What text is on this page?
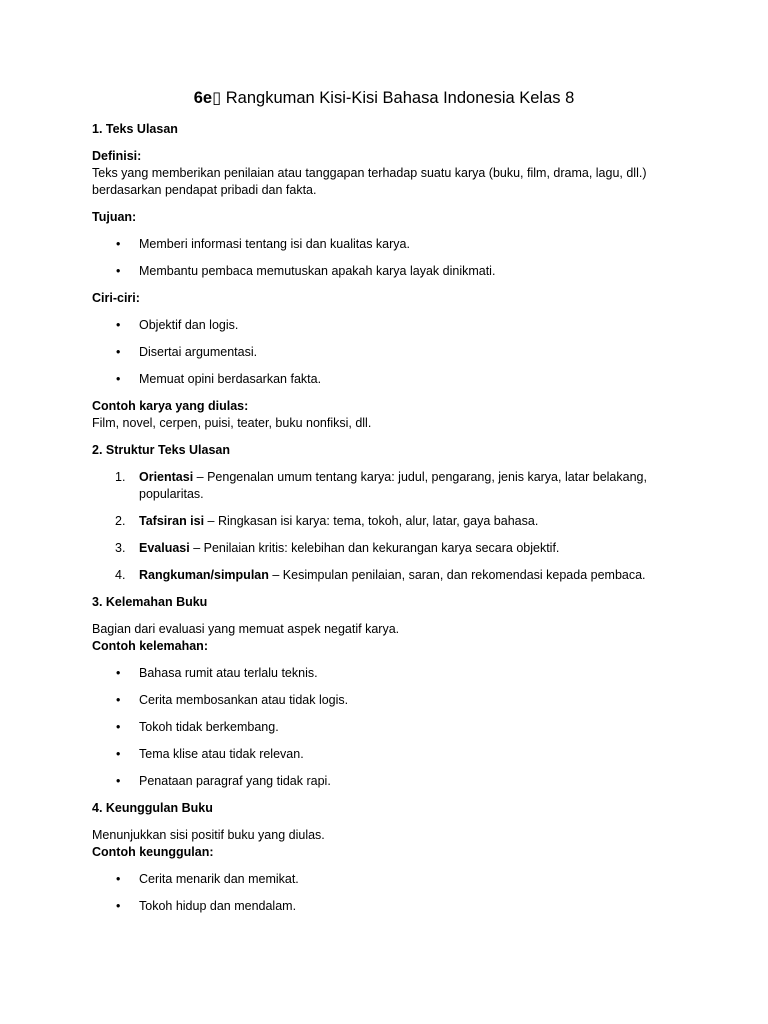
6e▯ Rangkuman Kisi-Kisi Bahasa Indonesia Kelas 8
1. Teks Ulasan

Definisi:
Teks yang memberikan penilaian atau tanggapan terhadap suatu karya (buku, film, drama, lagu, dll.) berdasarkan pendapat pribadi dan fakta.

Tujuan:

• Memberi informasi tentang isi dan kualitas karya.
• Membantu pembaca memutuskan apakah karya layak dinikmati.

Ciri-ciri:

• Objektif dan logis.
• Disertai argumentasi.
• Memuat opini berdasarkan fakta.

Contoh karya yang diulas:
Film, novel, cerpen, puisi, teater, buku nonfiksi, dll.

2. Struktur Teks Ulasan
1. Orientasi – Pengenalan umum tentang karya: judul, pengarang, jenis karya, latar belakang, popularitas.
2. Tafsiran isi – Ringkasan isi karya: tema, tokoh, alur, latar, gaya bahasa.
3. Evaluasi – Penilaian kritis: kelebihan dan kekurangan karya secara objektif.
4. Rangkuman/simpulan – Kesimpulan penilaian, saran, dan rekomendasi kepada pembaca.
3. Kelemahan Buku

Bagian dari evaluasi yang memuat aspek negatif karya.
Contoh kelemahan:

• Bahasa rumit atau terlalu teknis.
• Cerita membosankan atau tidak logis.
• Tokoh tidak berkembang.
• Tema klise atau tidak relevan.
• Penataan paragraf yang tidak rapi.
4. Keunggulan Buku

Menunjukkan sisi positif buku yang diulas.
Contoh keunggulan:

• Cerita menarik dan memikat.
• Tokoh hidup dan mendalam.
